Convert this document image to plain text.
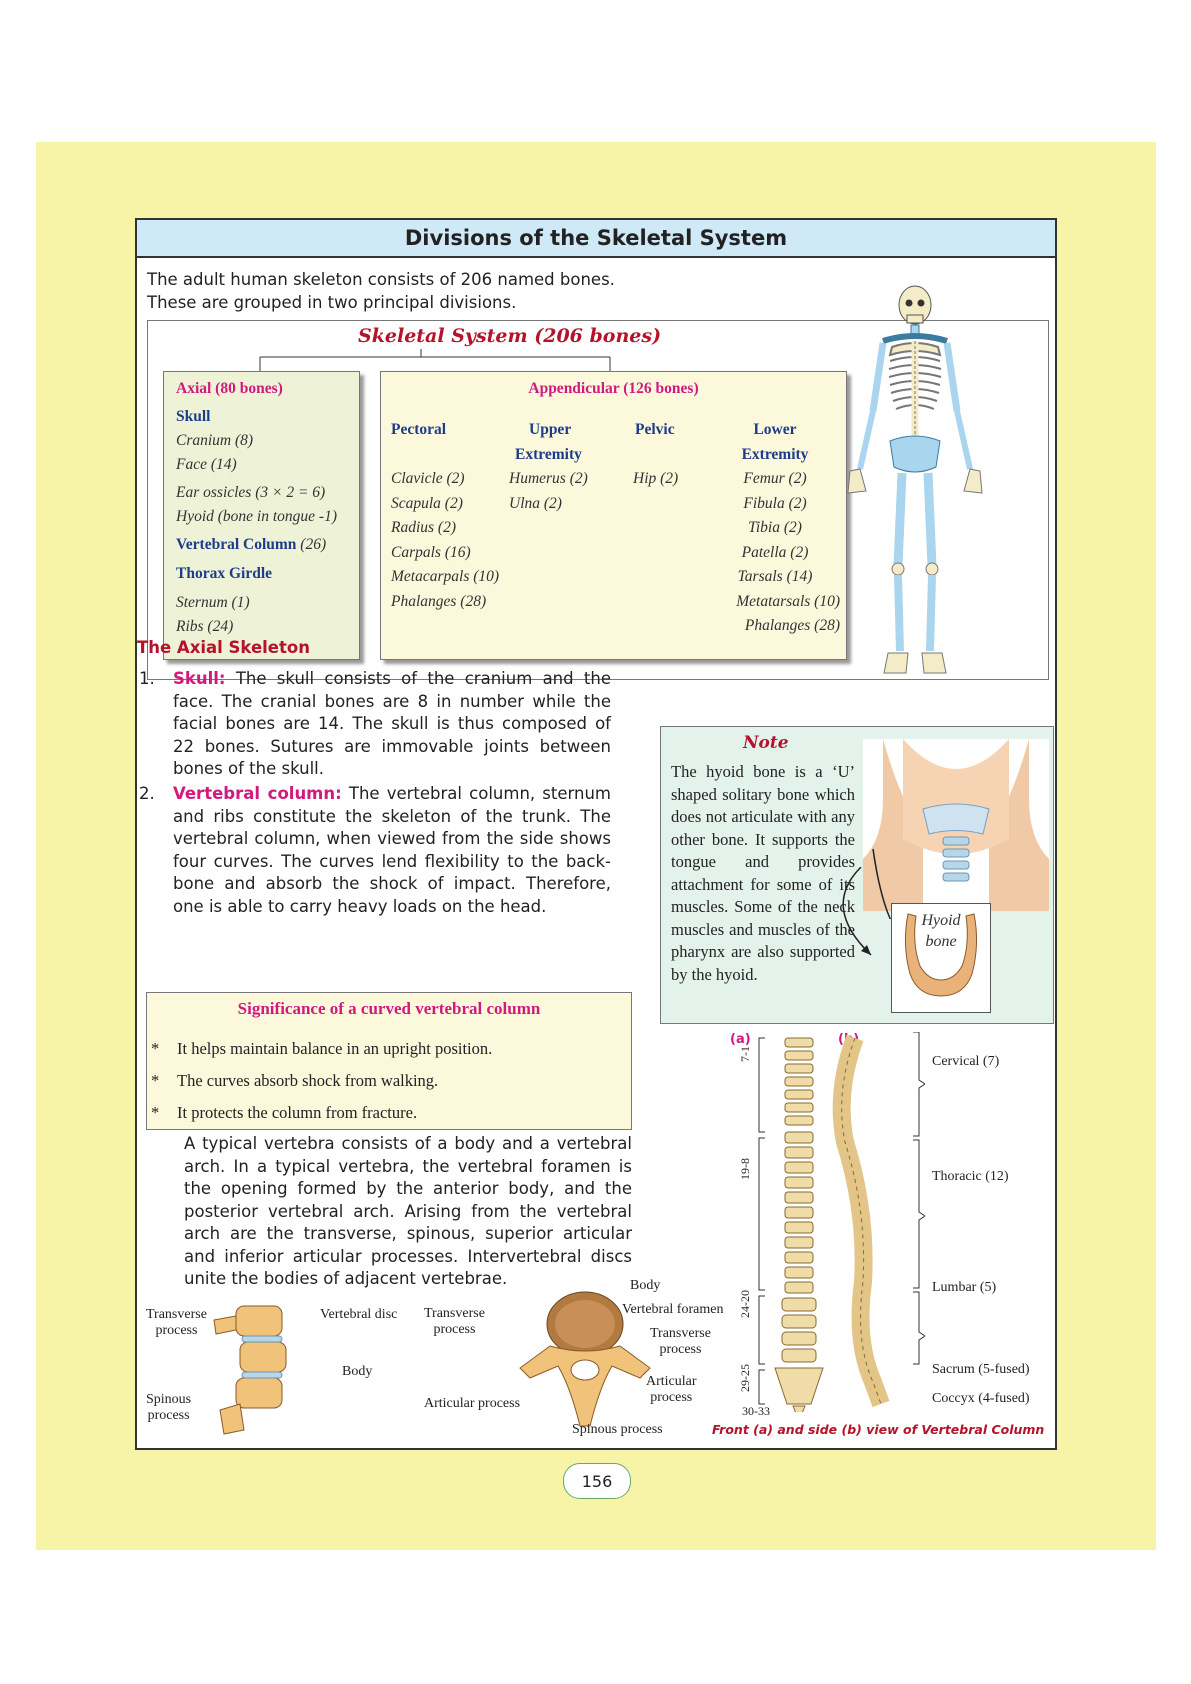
Divisions of the Skeletal System
The adult human skeleton consists of 206 named bones.
These are grouped in two principal divisions.
Skeletal System (206 bones)
Axial (80 bones)
Skull
Cranium (8)
Face (14)
Ear ossicles (3 × 2 = 6)
Hyoid (bone in tongue -1)
Vertebral Column (26)
Thorax Girdle
Sternum (1)
Ribs (24)
Appendicular (126 bones)
Pectoral
Clavicle (2)
Scapula (2)
Radius (2)
Carpals (16)
Metacarpals (10)
Phalanges (28)
Upper
Extremity
Humerus (2)
Ulna (2)
Pelvic
Hip (2)
Lower
Extremity
Femur (2)
Fibula (2)
Tibia (2)
Patella (2)
Tarsals (14)
Metatarsals (10)
Phalanges (28)
The Axial Skeleton
1. Skull: The skull consists of the cranium and the face. The cranial bones are 8 in number while the facial bones are 14. The skull is thus composed of 22 bones. Sutures are immovable joints between bones of the skull.
2. Vertebral column: The vertebral column, sternum and ribs constitute the skeleton of the trunk. The vertebral column, when viewed from the side shows four curves. The curves lend flexibility to the back-bone and absorb the shock of impact. Therefore, one is able to carry heavy loads on the head.
Note
The hyoid bone is a ‘U’ shaped solitary bone which does not articulate with any other bone. It supports the tongue and provides attachment for some of its muscles. Some of the neck muscles and muscles of the pharynx are also supported by the hyoid.
Hyoid
bone
Significance of a curved vertebral column
* It helps maintain balance in an upright position.
* The curves absorb shock from walking.
* It protects the column from fracture.
A typical vertebra consists of a body and a vertebral arch. In a typical vertebra, the vertebral foramen is the opening formed by the anterior body, and the posterior vertebral arch. Arising from the vertebral arch are the transverse, spinous, superior articular and inferior articular processes. Intervertebral discs unite the bodies of adjacent vertebrae.
Transverse
process
Vertebral disc
Body
Spinous
process
Transverse
process
Articular process
Body
Vertebral foramen
Transverse
process
Articular
process
Spinous process
(a)	(b)
7-1
19-8
24-20
29-25
30-33
Cervical (7)
Thoracic (12)
Lumbar (5)
Sacrum (5-fused)
Coccyx (4-fused)
Front (a) and side (b) view of Vertebral Column
156
